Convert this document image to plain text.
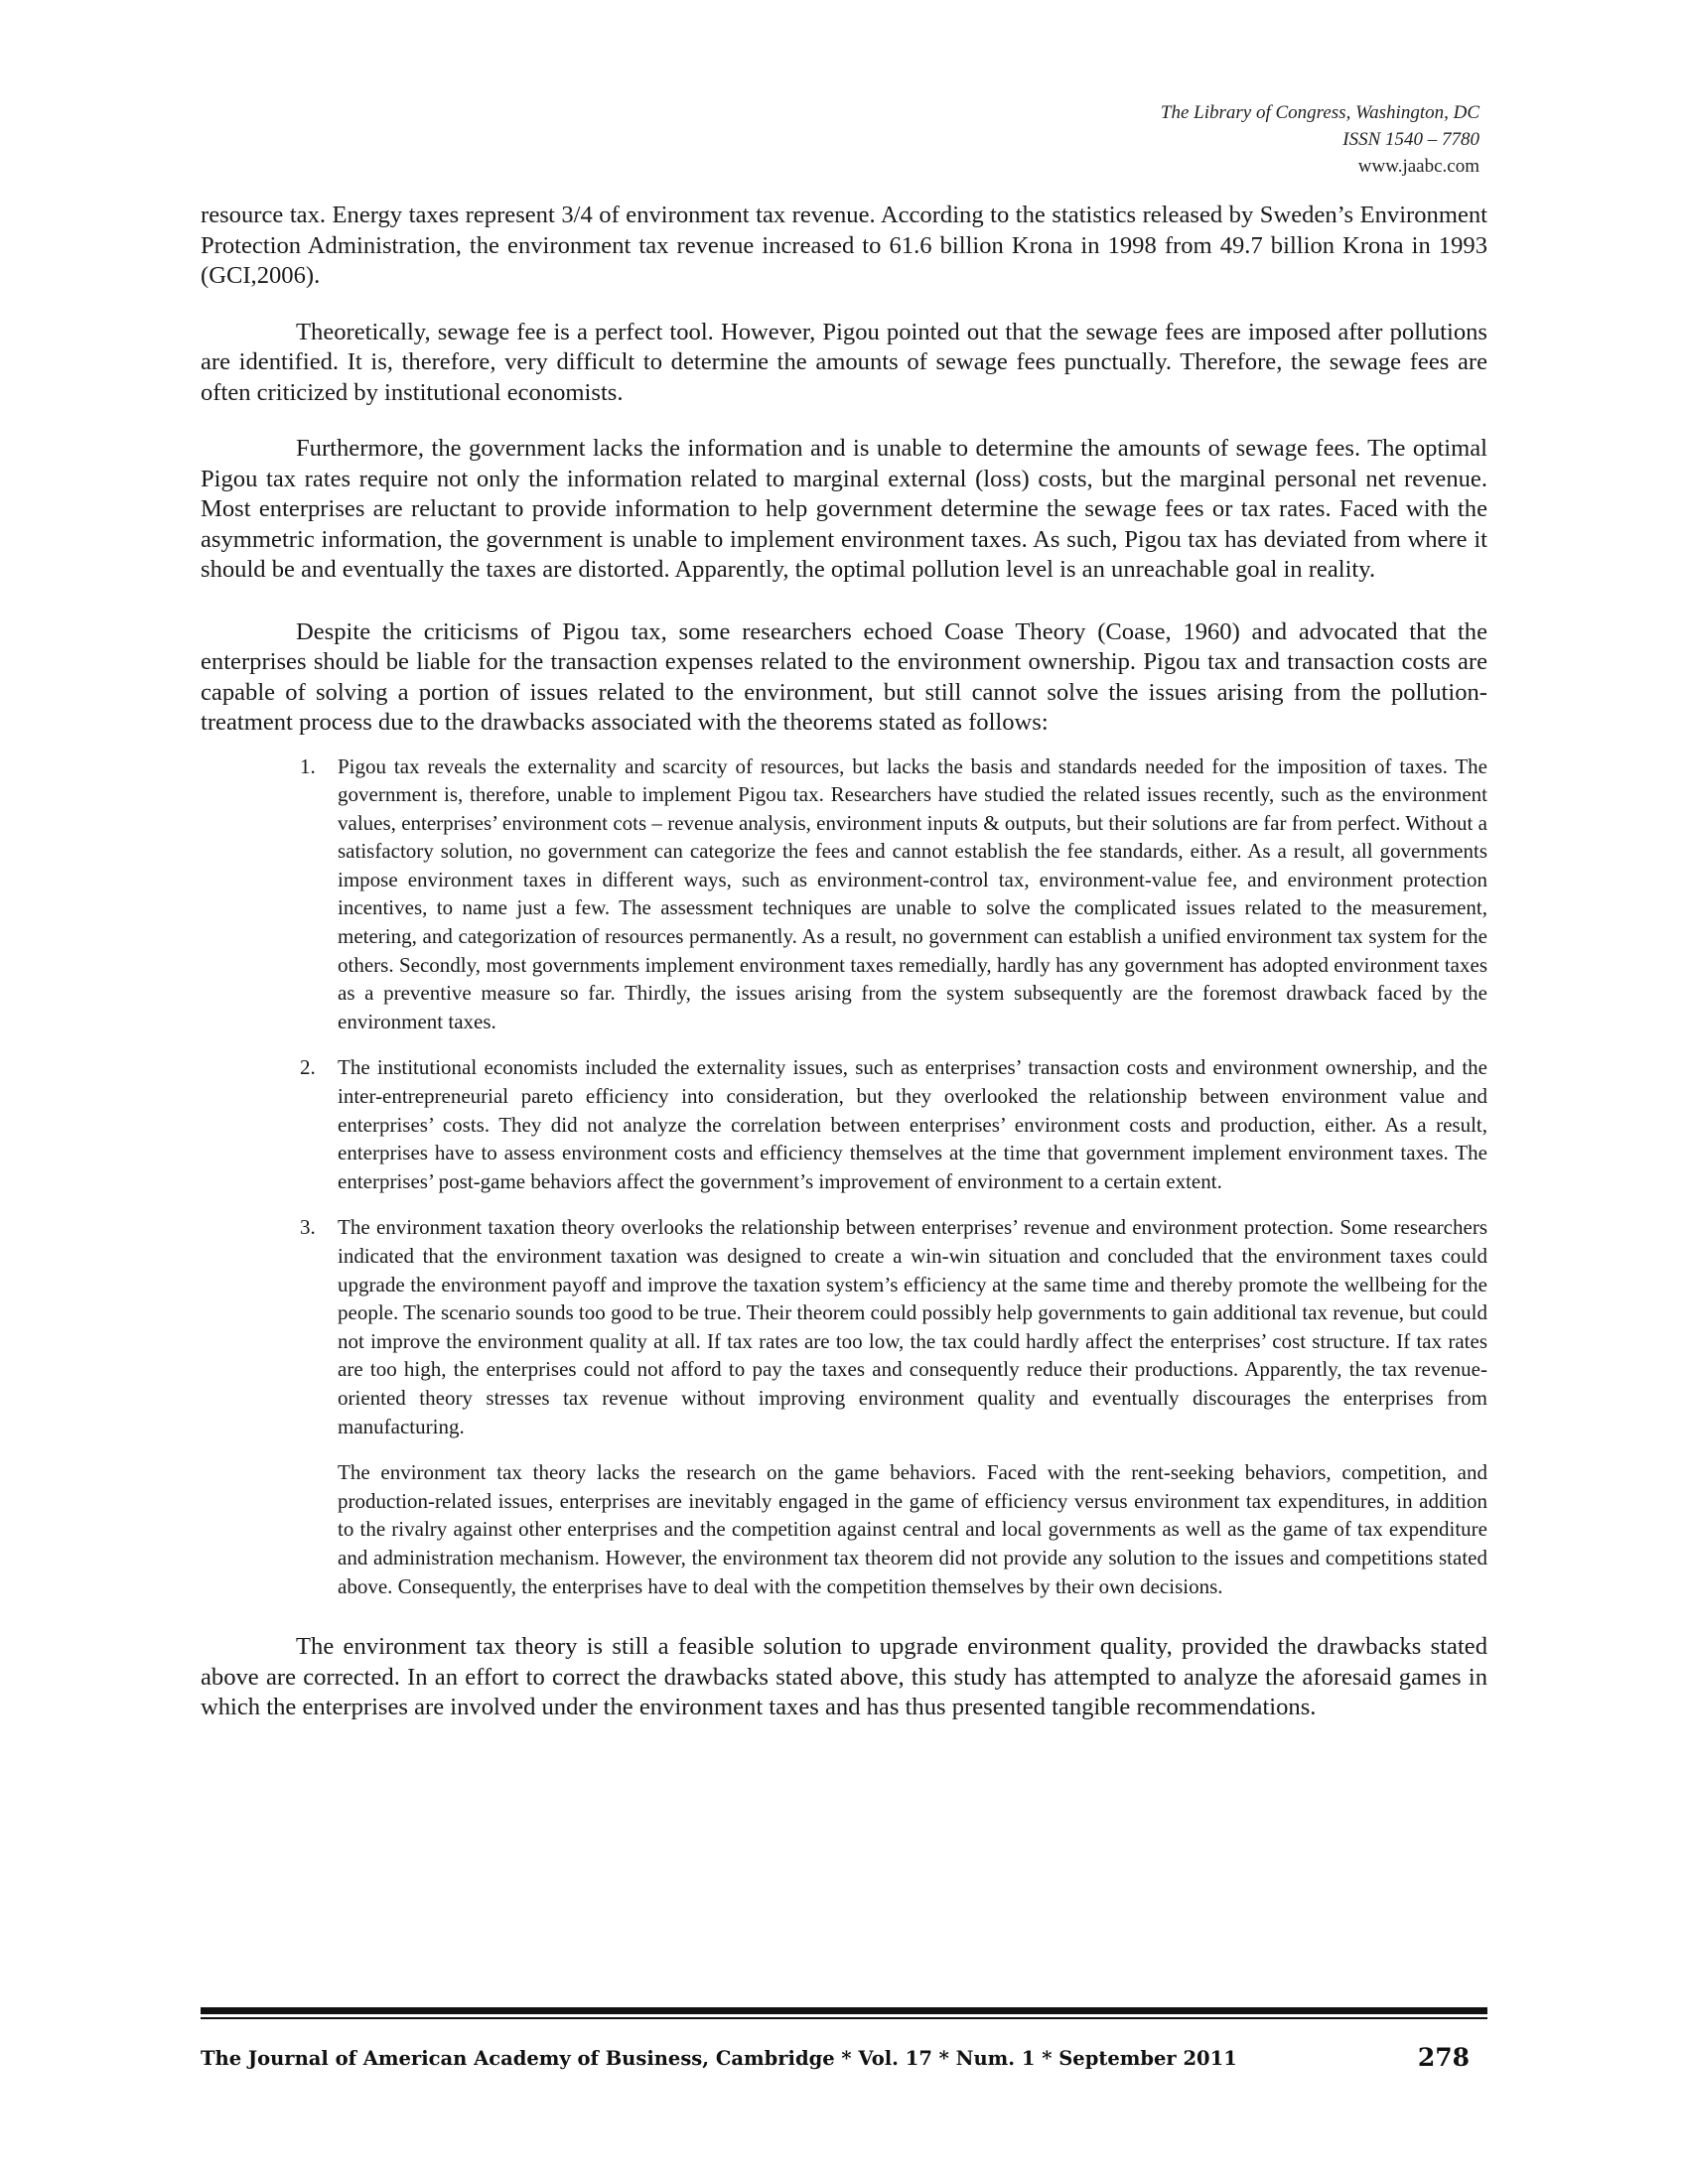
The Library of Congress, Washington, DC
ISSN 1540 – 7780
www.jaabc.com

resource tax. Energy taxes represent 3/4 of environment tax revenue. According to the statistics released by Sweden’s Environment Protection Administration, the environment tax revenue increased to 61.6 billion Krona in 1998 from 49.7 billion Krona in 1993 (GCI,2006).

Theoretically, sewage fee is a perfect tool. However, Pigou pointed out that the sewage fees are imposed after pollutions are identified. It is, therefore, very difficult to determine the amounts of sewage fees punctually. Therefore, the sewage fees are often criticized by institutional economists.

Furthermore, the government lacks the information and is unable to determine the amounts of sewage fees. The optimal Pigou tax rates require not only the information related to marginal external (loss) costs, but the marginal personal net revenue. Most enterprises are reluctant to provide information to help government determine the sewage fees or tax rates. Faced with the asymmetric information, the government is unable to implement environment taxes. As such, Pigou tax has deviated from where it should be and eventually the taxes are distorted. Apparently, the optimal pollution level is an unreachable goal in reality.

Despite the criticisms of Pigou tax, some researchers echoed Coase Theory (Coase, 1960) and advocated that the enterprises should be liable for the transaction expenses related to the environment ownership. Pigou tax and transaction costs are capable of solving a portion of issues related to the environment, but still cannot solve the issues arising from the pollution-treatment process due to the drawbacks associated with the theorems stated as follows:

1. Pigou tax reveals the externality and scarcity of resources, but lacks the basis and standards needed for the imposition of taxes. The government is, therefore, unable to implement Pigou tax. Researchers have studied the related issues recently, such as the environment values, enterprises’ environment cots – revenue analysis, environment inputs & outputs, but their solutions are far from perfect. Without a satisfactory solution, no government can categorize the fees and cannot establish the fee standards, either. As a result, all governments impose environment taxes in different ways, such as environment-control tax, environment-value fee, and environment protection incentives, to name just a few. The assessment techniques are unable to solve the complicated issues related to the measurement, metering, and categorization of resources permanently. As a result, no government can establish a unified environment tax system for the others. Secondly, most governments implement environment taxes remedially, hardly has any government has adopted environment taxes as a preventive measure so far. Thirdly, the issues arising from the system subsequently are the foremost drawback faced by the environment taxes.
2. The institutional economists included the externality issues, such as enterprises’ transaction costs and environment ownership, and the inter-entrepreneurial pareto efficiency into consideration, but they overlooked the relationship between environment value and enterprises’ costs. They did not analyze the correlation between enterprises’ environment costs and production, either. As a result, enterprises have to assess environment costs and efficiency themselves at the time that government implement environment taxes. The enterprises’ post-game behaviors affect the government’s improvement of environment to a certain extent.
3. The environment taxation theory overlooks the relationship between enterprises’ revenue and environment protection. Some researchers indicated that the environment taxation was designed to create a win-win situation and concluded that the environment taxes could upgrade the environment payoff and improve the taxation system’s efficiency at the same time and thereby promote the wellbeing for the people. The scenario sounds too good to be true. Their theorem could possibly help governments to gain additional tax revenue, but could not improve the environment quality at all. If tax rates are too low, the tax could hardly affect the enterprises’ cost structure. If tax rates are too high, the enterprises could not afford to pay the taxes and consequently reduce their productions. Apparently, the tax revenue-oriented theory stresses tax revenue without improving environment quality and eventually discourages the enterprises from manufacturing.
The environment tax theory lacks the research on the game behaviors. Faced with the rent-seeking behaviors, competition, and production-related issues, enterprises are inevitably engaged in the game of efficiency versus environment tax expenditures, in addition to the rivalry against other enterprises and the competition against central and local governments as well as the game of tax expenditure and administration mechanism. However, the environment tax theorem did not provide any solution to the issues and competitions stated above. Consequently, the enterprises have to deal with the competition themselves by their own decisions.

The environment tax theory is still a feasible solution to upgrade environment quality, provided the drawbacks stated above are corrected. In an effort to correct the drawbacks stated above, this study has attempted to analyze the aforesaid games in which the enterprises are involved under the environment taxes and has thus presented tangible recommendations.

The Journal of American Academy of Business, Cambridge * Vol. 17 * Num. 1 * September 2011	278
